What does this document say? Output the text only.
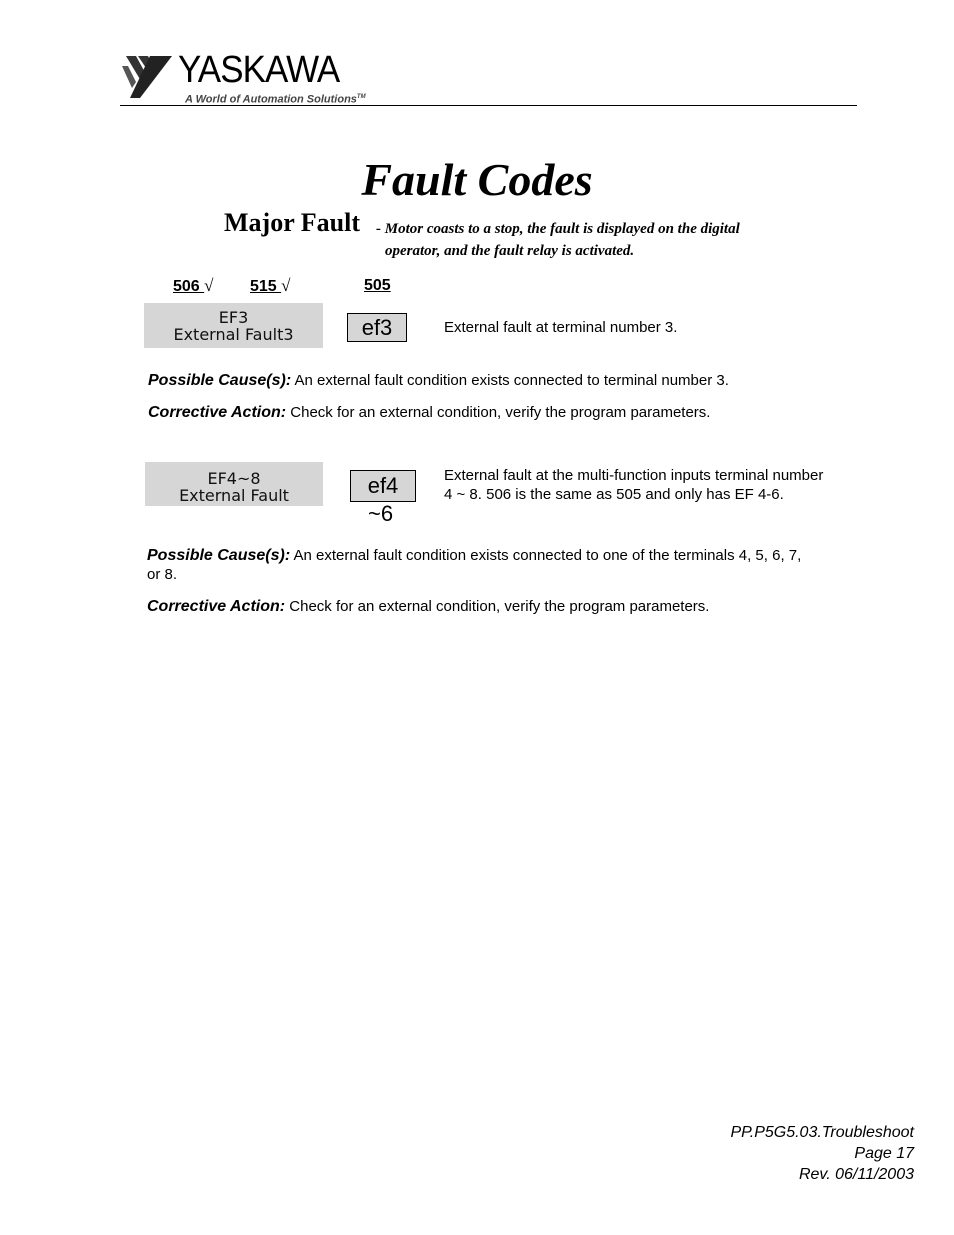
YASKAWA
A World of Automation Solutions™
Fault Codes
Major Fault - Motor coasts to a stop, the fault is displayed on the digital
operator, and the fault relay is activated.
506 √ 515 √	505
EF3
External Fault3	ef3	External fault at terminal number 3.
Possible Cause(s): An external fault condition exists connected to terminal number 3.
Corrective Action: Check for an external condition, verify the program parameters.
EF4~8
External Fault	ef4
~6
External fault at the multi-function inputs terminal number 4 ~ 8. 506 is the same as 505 and only has EF 4-6.
Possible Cause(s): An external fault condition exists connected to one of the terminals 4, 5, 6, 7, or 8.
Corrective Action: Check for an external condition, verify the program parameters.
PP.P5G5.03.Troubleshoot
Page 17
Rev. 06/11/2003
